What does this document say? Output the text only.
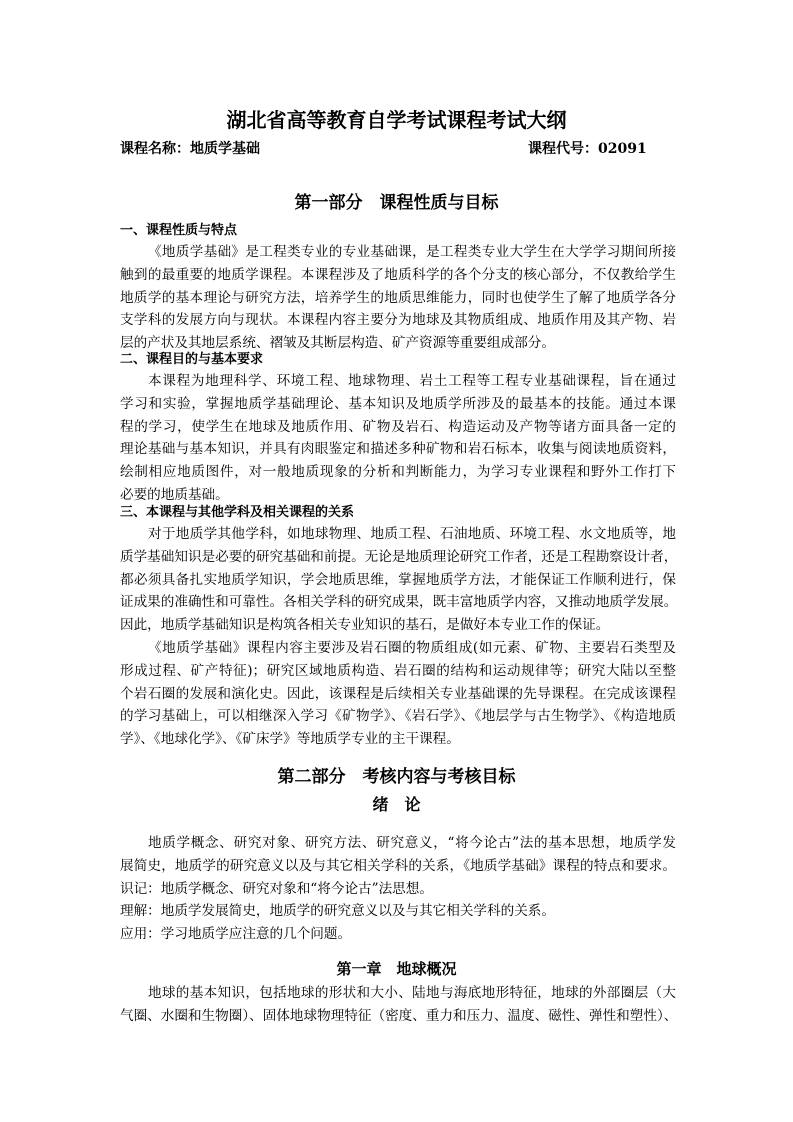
湖北省高等教育自学考试课程考试大纲
课程名称：地质学基础	课程代号：02091
第一部分　课程性质与目标
一、课程性质与特点
《地质学基础》是工程类专业的专业基础课，是工程类专业大学生在大学学习期间所接
触到的最重要的地质学课程。本课程涉及了地质科学的各个分支的核心部分，不仅教给学生
地质学的基本理论与研究方法，培养学生的地质思维能力，同时也使学生了解了地质学各分
支学科的发展方向与现状。本课程内容主要分为地球及其物质组成、地质作用及其产物、岩
层的产状及其地层系统、褶皱及其断层构造、矿产资源等重要组成部分。
二、课程目的与基本要求
本课程为地理科学、环境工程、地球物理、岩土工程等工程专业基础课程，旨在通过
学习和实验，掌握地质学基础理论、基本知识及地质学所涉及的最基本的技能。通过本课
程的学习，使学生在地球及地质作用、矿物及岩石、构造运动及产物等诸方面具备一定的
理论基础与基本知识，并具有肉眼鉴定和描述多种矿物和岩石标本，收集与阅读地质资料，
绘制相应地质图件，对一般地质现象的分析和判断能力，为学习专业课程和野外工作打下
必要的地质基础。
三、本课程与其他学科及相关课程的关系
对于地质学其他学科，如地球物理、地质工程、石油地质、环境工程、水文地质等，地
质学基础知识是必要的研究基础和前提。无论是地质理论研究工作者，还是工程勘察设计者，
都必须具备扎实地质学知识，学会地质思维，掌握地质学方法，才能保证工作顺利进行，保
证成果的准确性和可靠性。各相关学科的研究成果，既丰富地质学内容，又推动地质学发展。
因此，地质学基础知识是构筑各相关专业知识的基石，是做好本专业工作的保证。
《地质学基础》课程内容主要涉及岩石圈的物质组成(如元素、矿物、主要岩石类型及
形成过程、矿产特征)；研究区域地质构造、岩石圈的结构和运动规律等；研究大陆以至整
个岩石圈的发展和演化史。因此，该课程是后续相关专业基础课的先导课程。在完成该课程
的学习基础上，可以相继深入学习《矿物学》、《岩石学》、《地层学与古生物学》、《构造地质
学》、《地球化学》、《矿床学》等地质学专业的主干课程。
第二部分　考核内容与考核目标
绪　论
地质学概念、研究对象、研究方法、研究意义，“将今论古”法的基本思想，地质学发
展简史，地质学的研究意义以及与其它相关学科的关系，《地质学基础》课程的特点和要求。
识记：地质学概念、研究对象和“将今论古”法思想。
理解：地质学发展简史，地质学的研究意义以及与其它相关学科的关系。
应用：学习地质学应注意的几个问题。
第一章　地球概况
地球的基本知识，包括地球的形状和大小、陆地与海底地形特征，地球的外部圈层（大
气圈、水圈和生物圈）、固体地球物理特征（密度、重力和压力、温度、磁性、弹性和塑性）、
